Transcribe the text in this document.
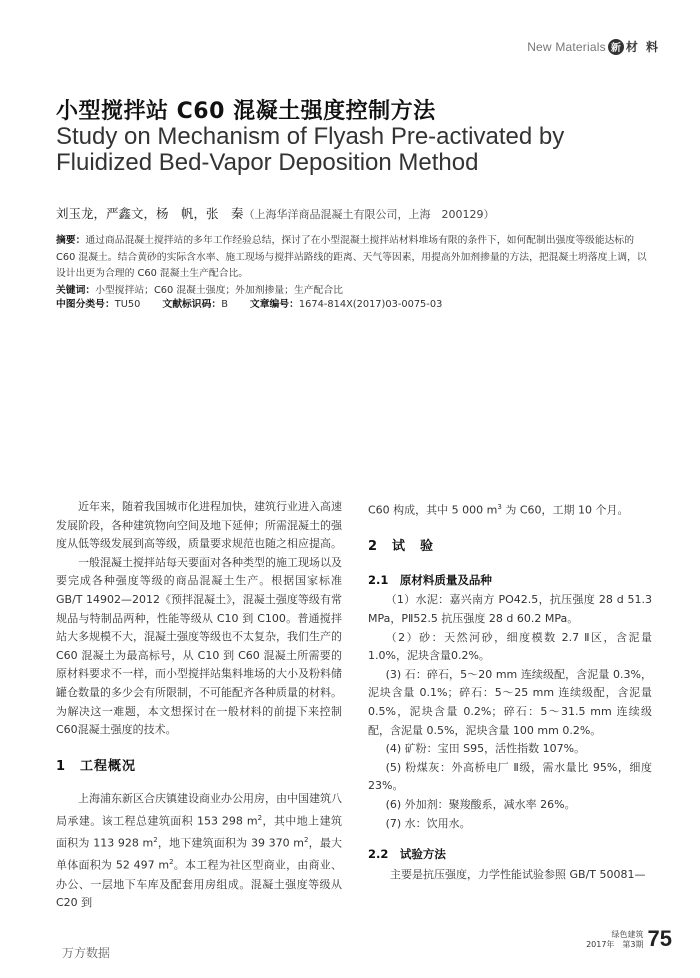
New Materials 新 材 料
小型搅拌站 C60 混凝土强度控制方法
Study on Mechanism of Flyash Pre-activated by Fluidized Bed-Vapor Deposition Method
刘玉龙，严鑫文，杨　帆，张　秦（上海华洋商品混凝土有限公司，上海　200129）
摘要：通过商品混凝土搅拌站的多年工作经验总结，探讨了在小型混凝土搅拌站材料堆场有限的条件下，如何配制出强度等级能达标的 C60 混凝土。结合黄砂的实际含水率、施工现场与搅拌站路线的距离、天气等因素，用提高外加剂掺量的方法，把混凝土坍落度上调，以设计出更为合理的 C60 混凝土生产配合比。
关键词：小型搅拌站；C60 混凝土强度；外加剂掺量；生产配合比
中图分类号：TU50 文献标识码：B 文章编号：1674-814X(2017)03-0075-03

近年来，随着我国城市化进程加快，建筑行业进入高速发展阶段，各种建筑物向空间及地下延伸；所需混凝土的强度从低等级发展到高等级，质量要求规范也随之相应提高。

一般混凝土搅拌站每天要面对各种类型的施工现场以及要完成各种强度等级的商品混凝土生产。根据国家标准 GB/T 14902—2012《预拌混凝土》，混凝土强度等级有常规品与特制品两种，性能等级从 C10 到 C100。普通搅拌站大多规模不大，混凝土强度等级也不太复杂，我们生产的 C60 混凝土为最高标号，从 C10 到 C60 混凝土所需要的原材料要求不一样，而小型搅拌站集料堆场的大小及粉料储罐仓数量的多少会有所限制，不可能配齐各种质量的材料。为解决这一难题，本文想探讨在一般材料的前提下来控制 C60混凝土强度的技术。

1　工程概况

上海浦东新区合庆镇建设商业办公用房，由中国建筑八局承建。该工程总建筑面积 153 298 $m^2$，其中地上建筑面积为 113 928 $m^2$，地下建筑面积为 39 370 $m^2$，最大单体面积为 52 497 $m^2$。本工程为社区型商业，由商业、办公、一层地下车库及配套用房组成。混凝土强度等级从 C20 到

C60 构成，其中 5 000 $m^3$ 为 C60，工期 10 个月。

2　试　验
2.1　原材料质量及品种

（1）水泥：嘉兴南方 PO42.5，抗压强度 28 d 51.3 MPa，PⅡ52.5 抗压强度 28 d 60.2 MPa。

（2）砂：天然河砂，细度模数 2.7 Ⅱ区，含泥量 1.0%，泥块含量0.2%。

(3) 石：碎石，5～20 mm 连续级配，含泥量 0.3%，泥块含量 0.1%；碎石：5～25 mm 连续级配，含泥量 0.5%，泥块含量 0.2%；碎石：5～31.5 mm 连续级配，含泥量 0.5%，泥块含量 100 mm 0.2%。

(4) 矿粉：宝田 S95，活性指数 107%。

(5) 粉煤灰：外高桥电厂 Ⅱ级，需水量比 95%，细度 23%。

(6) 外加剂：聚羧酸系，减水率 26%。

(7) 水：饮用水。

2.2　试验方法

主要是抗压强度，力学性能试验参照 GB/T 50081—

万方数据
绿色建筑
2017年　第3期 75
